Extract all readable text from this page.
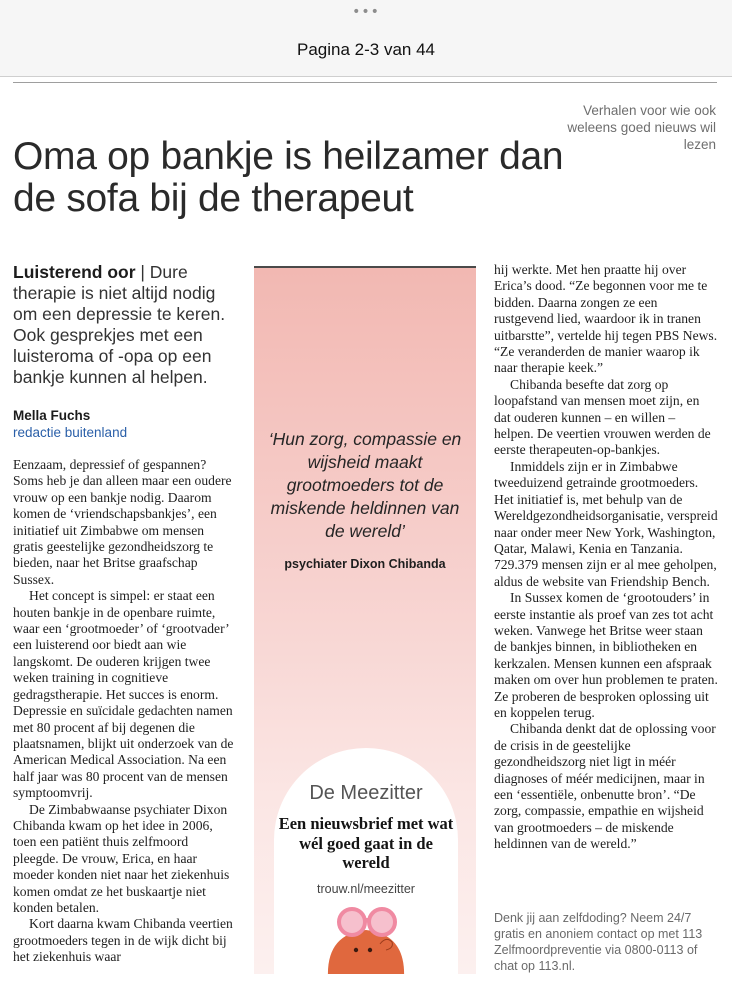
•••
Pagina 2-3 van 44
Verhalen voor wie ook weleens goed nieuws wil lezen
Oma op bankje is heilzamer dan de sofa bij de therapeut
Luisterend oor | Dure therapie is niet altijd nodig om een depressie te keren. Ook gesprekjes met een luisteroma of -opa op een bankje kunnen al helpen.
Mella Fuchs
redactie buitenland

Eenzaam, depressief of gespannen? Soms heb je dan alleen maar een oudere vrouw op een bankje nodig. Daarom komen de ‘vriendschapsbankjes’, een initiatief uit Zimbabwe om mensen gratis geestelijke gezondheidszorg te bieden, naar het Britse graafschap Sussex.

Het concept is simpel: er staat een houten bankje in de openbare ruimte, waar een ‘grootmoeder’ of ‘grootvader’ een luisterend oor biedt aan wie langskomt. De ouderen krijgen twee weken training in cognitieve gedragstherapie. Het succes is enorm. Depressie en suïcidale gedachten namen met 80 procent af bij degenen die plaatsnamen, blijkt uit onderzoek van de American Medical Association. Na een half jaar was 80 procent van de mensen symptoomvrij.

De Zimbabwaanse psychiater Dixon Chibanda kwam op het idee in 2006, toen een patiënt thuis zelfmoord pleegde. De vrouw, Erica, en haar moeder konden niet naar het ziekenhuis komen omdat ze het buskaartje niet konden betalen.

Kort daarna kwam Chibanda veertien grootmoeders tegen in de wijk dicht bij het ziekenhuis waar

‘Hun zorg, compassie en wijsheid maakt grootmoeders tot de miskende heldinnen van de wereld’
psychiater Dixon Chibanda
De Meezitter
Een nieuwsbrief met wat wél goed gaat in de wereld
trouw.nl/meezitter

hij werkte. Met hen praatte hij over Erica’s dood. “Ze begonnen voor me te bidden. Daarna zongen ze een rustgevend lied, waardoor ik in tranen uitbarstte”, vertelde hij tegen PBS News. “Ze veranderden de manier waarop ik naar therapie keek.”

Chibanda besefte dat zorg op loopafstand van mensen moet zijn, en dat ouderen kunnen – en willen – helpen. De veertien vrouwen werden de eerste therapeuten-op-bankjes.

Inmiddels zijn er in Zimbabwe tweeduizend getrainde grootmoeders. Het initiatief is, met behulp van de Wereldgezondheidsorganisatie, verspreid naar onder meer New York, Washington, Qatar, Malawi, Kenia en Tanzania. 729.379 mensen zijn er al mee geholpen, aldus de website van Friendship Bench.

In Sussex komen de ‘grootouders’ in eerste instantie als proef van zes tot acht weken. Vanwege het Britse weer staan de bankjes binnen, in bibliotheken en kerkzalen. Mensen kunnen een afspraak maken om over hun problemen te praten. Ze proberen de besproken oplossing uit en koppelen terug.

Chibanda denkt dat de oplossing voor de crisis in de geestelijke gezondheidszorg niet ligt in méér diagnoses of méér medicijnen, maar in een ‘essentiële, onbenutte bron’. “De zorg, compassie, empathie en wijsheid van grootmoeders – de miskende heldinnen van de wereld.”

Denk jij aan zelfdoding? Neem 24/7 gratis en anoniem contact op met 113 Zelfmoordpreventie via 0800-0113 of chat op 113.nl.
